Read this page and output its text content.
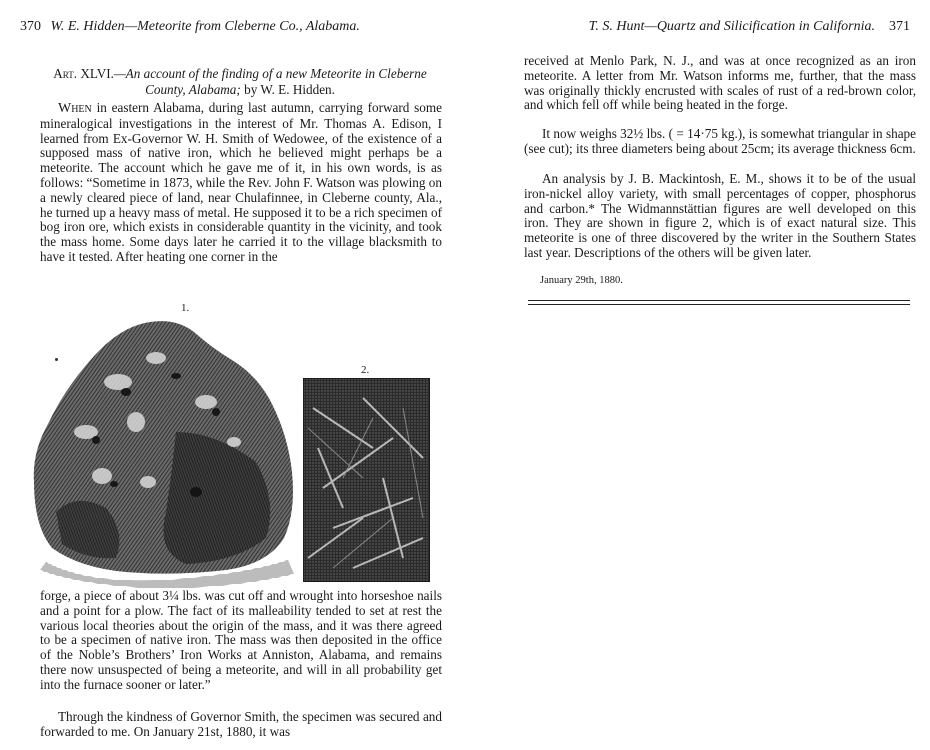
370 W. E. Hidden—Meteorite from Cleberne Co., Alabama.	T. S. Hunt—Quartz and Silicification in California. 371
Art. XLVI.—An account of the finding of a new Meteorite in Cleberne County, Alabama; by W. E. Hidden.

When in eastern Alabama, during last autumn, carrying forward some mineralogical investigations in the interest of Mr. Thomas A. Edison, I learned from Ex-Governor W. H. Smith of Wedowee, of the existence of a supposed mass of native iron, which he believed might perhaps be a meteorite. The account which he gave me of it, in his own words, is as follows: “Sometime in 1873, while the Rev. John F. Watson was plowing on a newly cleared piece of land, near Chulafinnee, in Cleberne county, Ala., he turned up a heavy mass of metal. He supposed it to be a rich specimen of bog iron ore, which exists in considerable quantity in the vicinity, and took the mass home. Some days later he carried it to the village blacksmith to have it tested. After heating one corner in the

1.
2.

forge, a piece of about 3¼ lbs. was cut off and wrought into horseshoe nails and a point for a plow. The fact of its malleability tended to set at rest the various local theories about the origin of the mass, and it was there agreed to be a specimen of native iron. The mass was then deposited in the office of the Noble’s Brothers’ Iron Works at Anniston, Alabama, and remains there now unsuspected of being a meteorite, and will in all probability get into the furnace sooner or later.”

Through the kindness of Governor Smith, the specimen was secured and forwarded to me. On January 21st, 1880, it was

received at Menlo Park, N. J., and was at once recognized as an iron meteorite. A letter from Mr. Watson informs me, further, that the mass was originally thickly encrusted with scales of rust of a red-brown color, and which fell off while being heated in the forge.

It now weighs 32½ lbs. ( = 14·75 kg.), is somewhat triangular in shape (see cut); its three diameters being about 25cm; its average thickness 6cm.

An analysis by J. B. Mackintosh, E. M., shows it to be of the usual iron-nickel alloy variety, with small percentages of copper, phosphorus and carbon.* The Widmannstättian figures are well developed on this iron. They are shown in figure 2, which is of exact natural size. This meteorite is one of three discovered by the writer in the Southern States last year. Descriptions of the others will be given later.

January 29th, 1880.
